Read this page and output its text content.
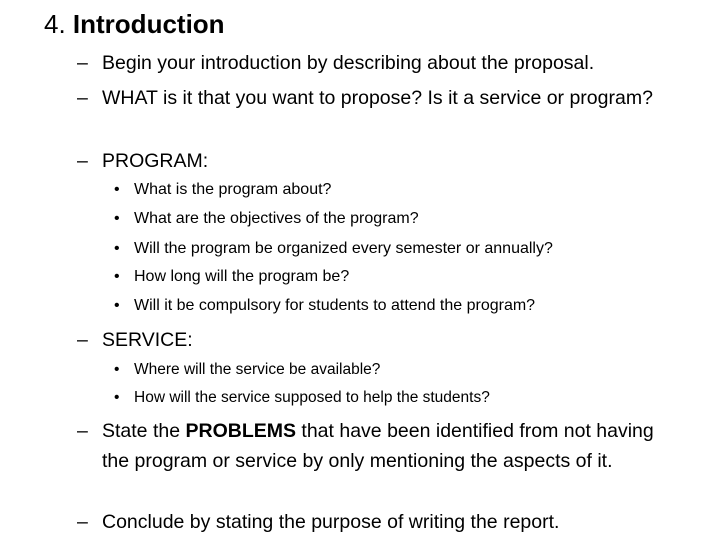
4. Introduction
– Begin your introduction by describing about the proposal.
– WHAT is it that you want to propose? Is it a service or program?
– PROGRAM:
• What is the program about?
• What are the objectives of the program?
• Will the program be organized every semester or annually?
• How long will the program be?
• Will it be compulsory for students to attend the program?
– SERVICE:
• Where will the service be available?
• How will the service supposed to help the students?
– State the PROBLEMS that have been identified from not having the program or service by only mentioning the aspects of it.
– Conclude by stating the purpose of writing the report.
